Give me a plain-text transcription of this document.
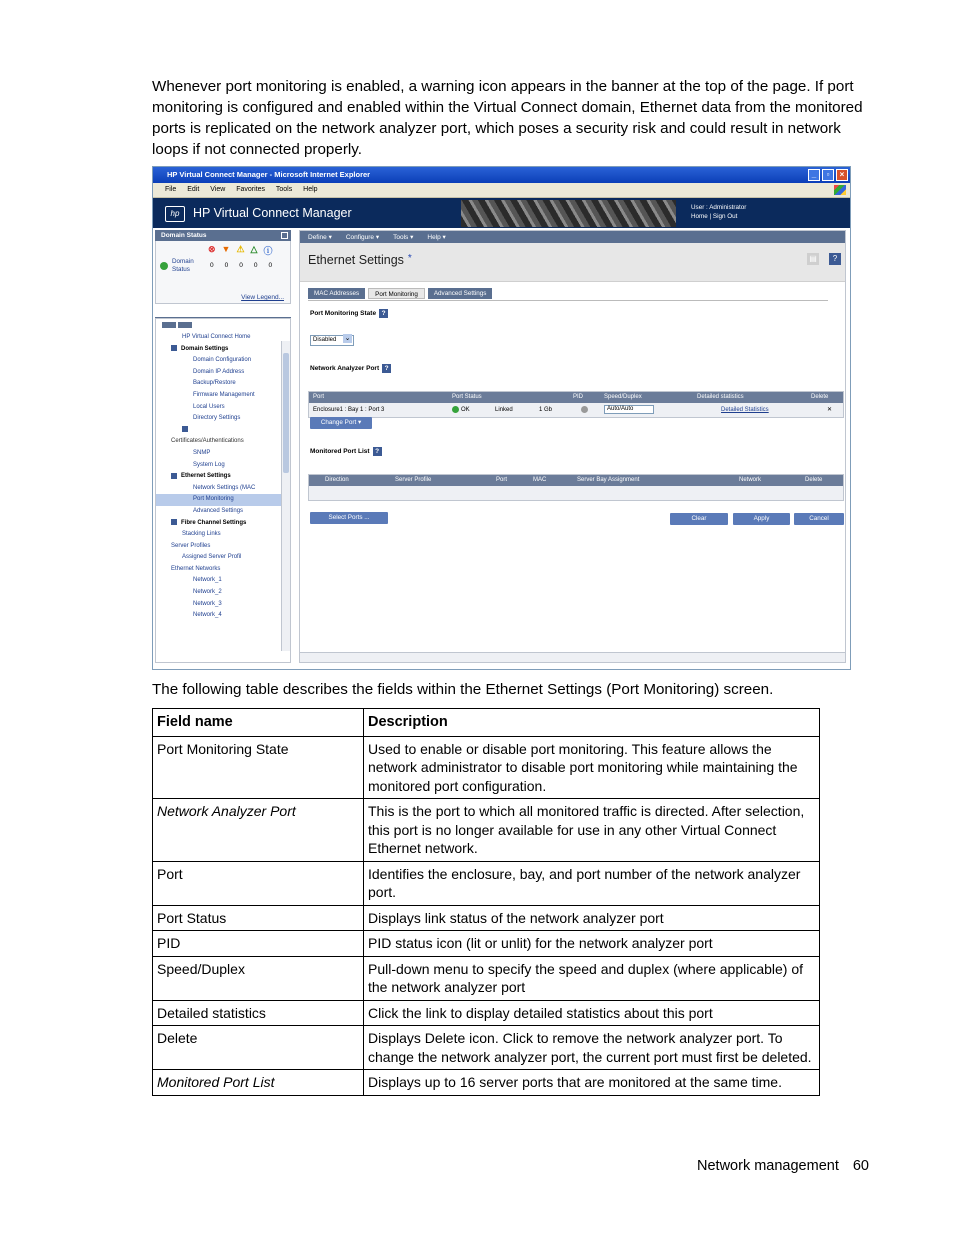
Whenever port monitoring is enabled, a warning icon appears in the banner at the top of the page. If port monitoring is configured and enabled within the Virtual Connect domain, Ethernet data from the monitored ports is replicated on the network analyzer port, which poses a security risk and could result in network loops if not connected properly.
HP Virtual Connect Manager - Microsoft Internet Explorer	_	▫	×
File Edit View Favorites Tools Help
hp	HP Virtual Connect Manager	User : Administrator
Home | Sign Out
Domain Status
⊗ ▼ ⚠ △ ⓘ
0 0 0 0 0
Domain Status
View Legend...
HP Virtual Connect Home
Domain Settings
Domain Configuration
Domain IP Address
Backup/Restore
Firmware Management
Local Users
Directory Settings
Certificates/Authentications
SNMP
System Log
Ethernet Settings
Network Settings (MAC
Port Monitoring
Advanced Settings
Fibre Channel Settings
Stacking Links
Server Profiles
Assigned Server Profil
Ethernet Networks
Network_1
Network_2
Network_3
Network_4
Define ▾ Configure ▾ Tools ▾ Help ▾
Ethernet Settings *	▤	?
MAC Addresses	Port Monitoring	Advanced Settings
Port Monitoring State ?
Disabled ⌄
Network Analyzer Port ?
Port	Port Status	PID	Speed/Duplex	Detailed statistics	Delete
Enclosure1 : Bay 1 : Port 3	OK	Linked	1 Gb	Auto/Auto	Detailed Statistics	✕
Change Port ▾
Monitored Port List ?
Direction	Server Profile	Port	MAC	Server Bay Assignment	Network	Delete
Select Ports ...	Clear	Apply	Cancel
The following table describes the fields within the Ethernet Settings (Port Monitoring) screen.
Field name	Description
Port Monitoring State	Used to enable or disable port monitoring. This feature allows the network administrator to disable port monitoring while maintaining the monitored port configuration.
Network Analyzer Port	This is the port to which all monitored traffic is directed. After selection, this port is no longer available for use in any other Virtual Connect Ethernet network.
Port	Identifies the enclosure, bay, and port number of the network analyzer port.
Port Status	Displays link status of the network analyzer port
PID	PID status icon (lit or unlit) for the network analyzer port
Speed/Duplex	Pull-down menu to specify the speed and duplex (where applicable) of the network analyzer port
Detailed statistics	Click the link to display detailed statistics about this port
Delete	Displays Delete icon. Click to remove the network analyzer port. To change the network analyzer port, the current port must first be deleted.
Monitored Port List	Displays up to 16 server ports that are monitored at the same time.
Network management 60
